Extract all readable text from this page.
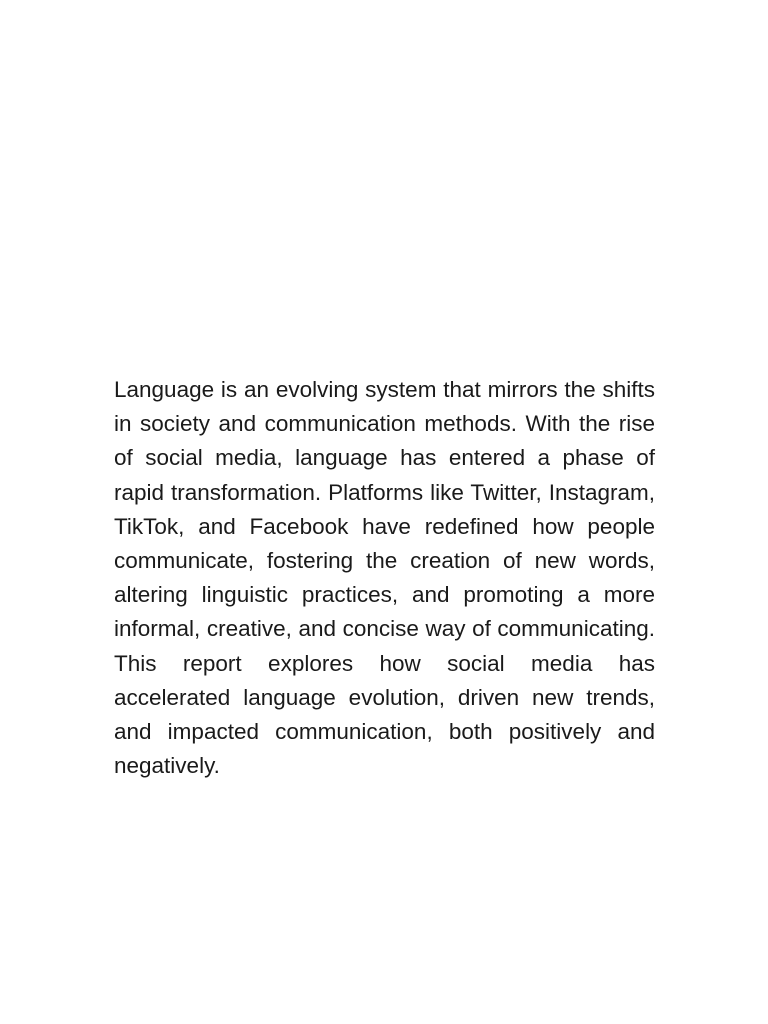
Language is an evolving system that mirrors the shifts in society and communication methods. With the rise of social media, language has entered a phase of rapid transformation. Platforms like Twitter, Instagram, TikTok, and Facebook have redefined how people communicate, fostering the creation of new words, altering linguistic practices, and promoting a more informal, creative, and concise way of communicating. This report explores how social media has accelerated language evolution, driven new trends, and impacted communication, both positively and negatively.
